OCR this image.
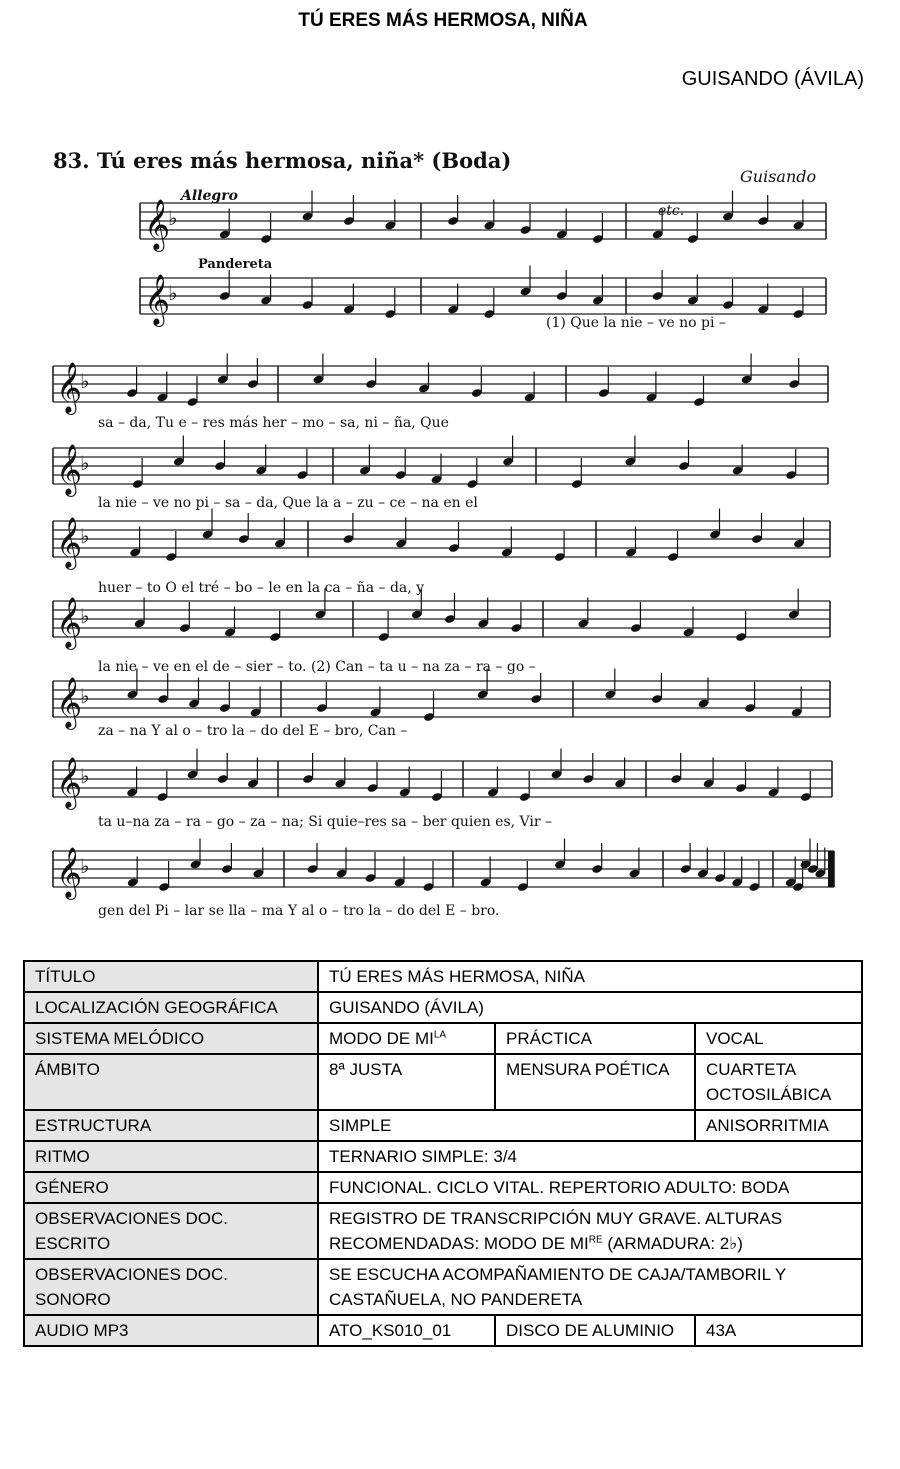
TÚ ERES MÁS HERMOSA, NIÑA
GUISANDO (ÁVILA)
83. Tú eres más hermosa, niña* (Boda)
Guisando
Allegro
Pandereta
etc.
𝄞
♭
𝄞
♭
𝄞
♭
𝄞
♭
𝄞
♭
𝄞
♭
𝄞
♭
𝄞
♭
𝄞
♭
(1) Que la nie – ve no pi –
sa – da, Tu e – res más her – mo – sa, ni – ña, Que
la nie – ve no pi – sa – da, Que la a – zu – ce – na en el
huer – to O el tré – bo – le en la ca – ña – da, y
la nie – ve en el de – sier – to. (2) Can – ta u – na za – ra – go –
za – na Y al o – tro la – do del E – bro, Can –
ta u–na za – ra – go – za – na; Si quie–res sa – ber quien es, Vir –
gen del Pi – lar se lla – ma Y al o – tro la – do del E – bro.
TÍTULO	TÚ ERES MÁS HERMOSA, NIÑA		
LOCALIZACIÓN GEOGRÁFICA	GUISANDO (ÁVILA)		
SISTEMA MELÓDICO	MODO DE $MI^{LA}$	PRÁCTICA	VOCAL
ÁMBITO	8ª JUSTA	MENSURA POÉTICA	CUARTETA OCTOSILÁBICA
ESTRUCTURA	SIMPLE		ANISORRITMIA
RITMO	TERNARIO SIMPLE: 3/4		
GÉNERO	FUNCIONAL. CICLO VITAL. REPERTORIO ADULTO: BODA		
OBSERVACIONES DOC. ESCRITO	REGISTRO DE TRANSCRIPCIÓN MUY GRAVE. ALTURAS RECOMENDADAS: MODO DE MIRE (ARMADURA: 2♭)		
OBSERVACIONES DOC. SONORO	SE ESCUCHA ACOMPAÑAMIENTO DE CAJA/TAMBORIL Y CASTAÑUELA, NO PANDERETA		
AUDIO MP3	ATO_KS010_01	DISCO DE ALUMINIO	43A
